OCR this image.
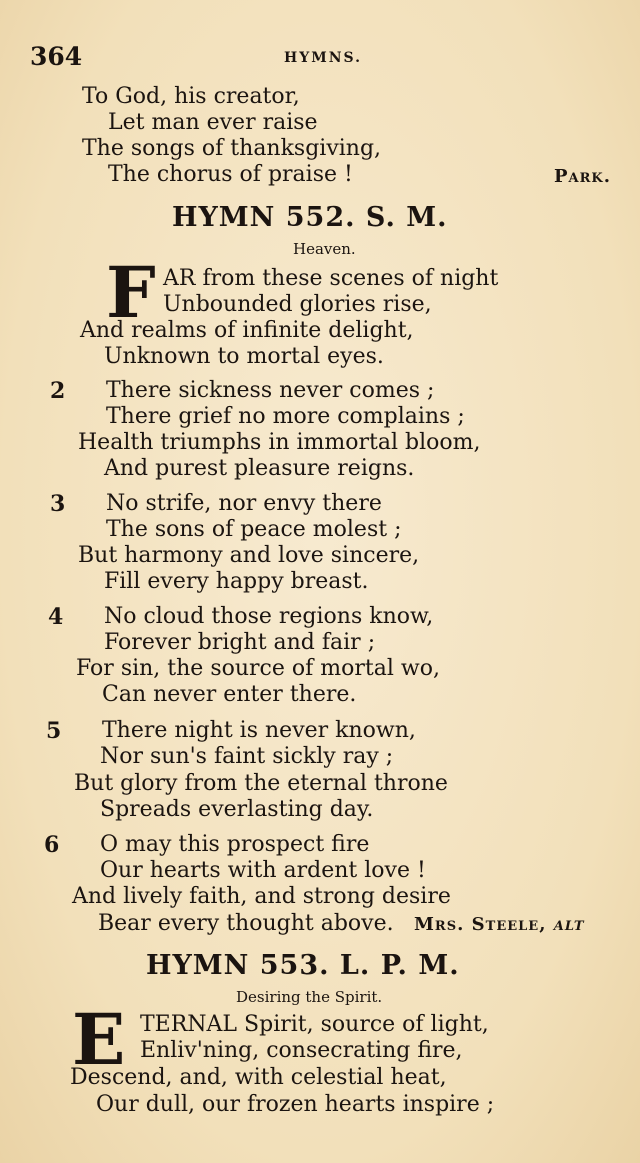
364	HYMNS.
To God, his creator,
Let man ever raise
The songs of thanksgiving,
The chorus of praise !	Park.
HYMN 552. S. M.
Heaven.
F AR from these scenes of night
Unbounded glories rise,
And realms of infinite delight,
Unknown to mortal eyes.
2 There sickness never comes ;
There grief no more complains ;
Health triumphs in immortal bloom,
And purest pleasure reigns.
3 No strife, nor envy there
The sons of peace molest ;
But harmony and love sincere,
Fill every happy breast.
4 No cloud those regions know,
Forever bright and fair ;
For sin, the source of mortal wo,
Can never enter there.
5 There night is never known,
Nor sun's faint sickly ray ;
But glory from the eternal throne
Spreads everlasting day.
6 O may this prospect fire
Our hearts with ardent love !
And lively faith, and strong desire
Bear every thought above. Mrs. Steele, alt
HYMN 553. L. P. M.
Desiring the Spirit.
E TERNAL Spirit, source of light,
Enliv'ning, consecrating fire,
Descend, and, with celestial heat,
Our dull, our frozen hearts inspire ;
